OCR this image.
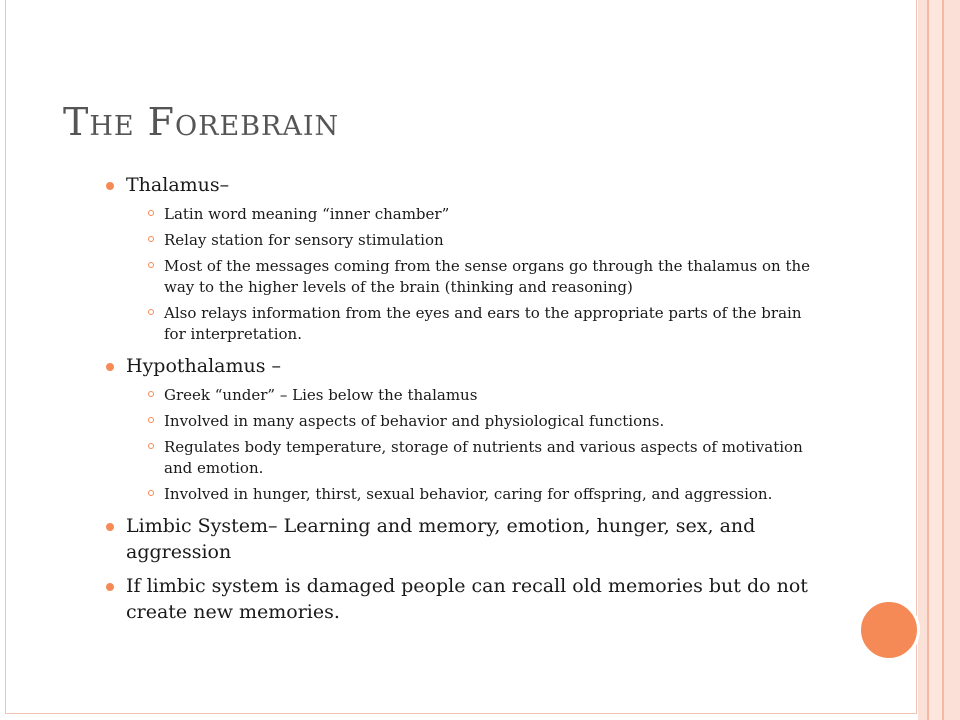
The Forebrain
Thalamus–
Latin word meaning “inner chamber”
Relay station for sensory stimulation
Most of the messages coming from the sense organs go through the thalamus on the way to the higher levels of the brain (thinking and reasoning)
Also relays information from the eyes and ears to the appropriate parts of the brain for interpretation.
Hypothalamus –
Greek “under” – Lies below the thalamus
Involved in many aspects of behavior and physiological functions.
Regulates body temperature, storage of nutrients and various aspects of motivation and emotion.
Involved in hunger, thirst, sexual behavior, caring for offspring, and aggression.
Limbic System– Learning and memory, emotion, hunger, sex, and aggression
If limbic system is damaged people can recall old memories but do not create new memories.
